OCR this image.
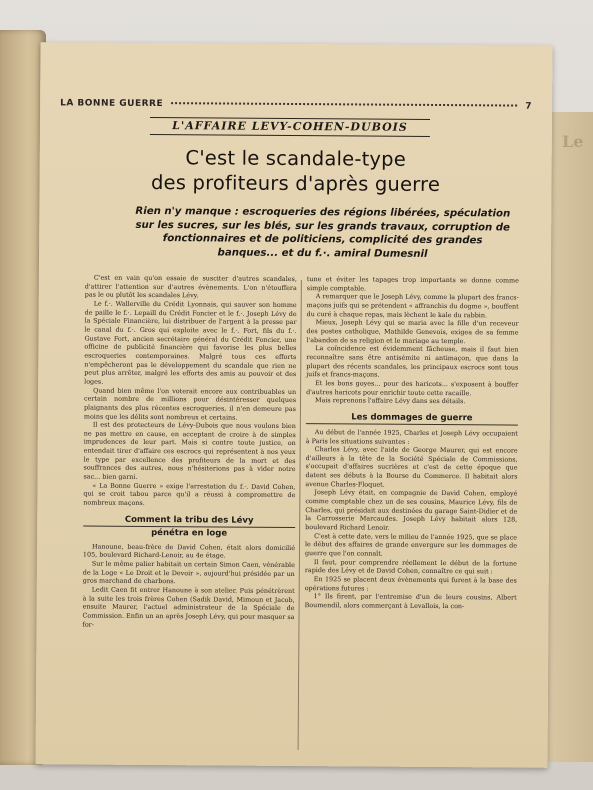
Le
LA BONNE GUERRE	7
L'AFFAIRE LEVY-COHEN-DUBOIS
C'est le scandale-type
des profiteurs d'après guerre
Rien n'y manque : escroqueries des régions libérées, spéculation sur les sucres, sur les blés, sur les grands travaux, corruption de fonctionnaires et de politiciens, complicité des grandes banques... et du f.·. amiral Dumesnil

C'est en vain qu'on essaie de susciter d'autres scandales, d'attirer l'attention sur d'autres évènements. L'on n'étouffera pas le ou plutôt les scandales Lévy.

Le f.·. Wallerville du Crédit Lyonnais, qui sauver son homme de paille le f.·. Lepaill du Crédit Foncier et le f.·. Joseph Lévy de la Spéciale Financière, lui distribuer de l'argent à la presse par le canal du f.·. Gros qui exploite avec le f.·. Fort, fils du f.·. Gustave Fort, ancien secrétaire général du Crédit Foncier, une officine de publicité financière qui favorise les plus belles escroqueries contemporaines. Malgré tous ces efforts n'empêcheront pas le développement du scandale que rien ne peut plus arrêter, malgré les efforts des amis au pouvoir et des loges.

Quand bien même l'on voterait encore aux contribuables un certain nombre de millions pour désintéresser quelques plaignants des plus récentes escroqueries, il n'en demeure pas moins que les délits sont nombreux et certains.

Il est des protecteurs de Lévy-Dubois que nous voulons bien ne pas mettre en cause, en acceptant de croire à de simples imprudences de leur part. Mais si contre toute justice, on entendait tirer d'affaire ces escrocs qui représentent à nos yeux le type par excellence des profiteurs de la mort et des souffrances des autres, nous n'hésiterions pas à vider notre sac... bien garni.

« La Bonne Guerre » exige l'arrestation du f.·. David Cohen, qui se croit tabou parce qu'il a réussi à compromettre de nombreux maçons.

Comment la tribu des Lévy
pénétra en loge

Hanoune, beau-frère de David Cohen, était alors domicilié 105, boulevard Richard-Lenoir, au 4e étage.

Sur le même palier habitait un certain Simon Caen, vénérable de la Loge « Le Droit et le Devoir », aujourd'hui présidée par un gros marchand de charbons.

Ledit Caen fit entrer Hanoune à son atelier. Puis pénétrèrent à la suite les trois frères Cohen (Sadik David, Mimoun et Jacob, ensuite Maurer, l'actuel administrateur de la Spéciale de Commission. Enfin un an après Joseph Lévy, qui pour masquer sa for-

tune et éviter les tapages trop importants se donne comme simple comptable.

A remarquer que le Joseph Lévy, comme la plupart des francs-maçons juifs qui se prétendent « affranchis du dogme », bouffent du curé à chaque repas, mais lèchent le kale du rabbin.

Mieux, Joseph Lévy qui se maria avec la fille d'un receveur des postes catholique, Mathilde Genevois, exigea de sa femme l'abandon de sa religion et le mariage au temple.

La coïncidence est évidemment fâcheuse, mais il faut bien reconnaître sans être antisémite ni antimaçon, que dans la plupart des récents scandales, les principaux escrocs sont tous juifs et francs-maçons.

Et les bons goyes... pour des haricots... s'exposent à bouffer d'autres haricots pour enrichir toute cette racaille.

Mais reprenons l'affaire Lévy dans ses détails.

Les dommages de guerre

Au début de l'année 1925, Charles et Joseph Lévy occupaient à Paris les situations suivantes :

Charles Lévy, avec l'aide de George Maurer, qui est encore d'ailleurs à la tête de la Société Spéciale de Commissions, s'occupait d'affaires sucrières et c'est de cette époque que datent ses débuts à la Bourse du Commerce. Il habitait alors avenue Charles-Floquet.

Joseph Lévy était, en compagnie de David Cohen, employé comme comptable chez un de ses cousins, Maurice Lévy, fils de Charles, qui présidait aux destinées du garage Saint-Didier et de la Carrosserie Marcaudes. Joseph Lévy habitait alors 128, boulevard Richard Lenoir.

C'est à cette date, vers le milieu de l'année 1925, que se place le début des affaires de grande envergure sur les dommages de guerre que l'on connaît.

Il faut, pour comprendre réellement le début de la fortune rapide des Lévy et de David Cohen, connaître ce qui suit :

En 1925 se placent deux évènements qui furent à la base des opérations futures :

1° Ils firent, par l'entremise d'un de leurs cousins, Albert Boumendil, alors commerçant à Levallois, la con-
